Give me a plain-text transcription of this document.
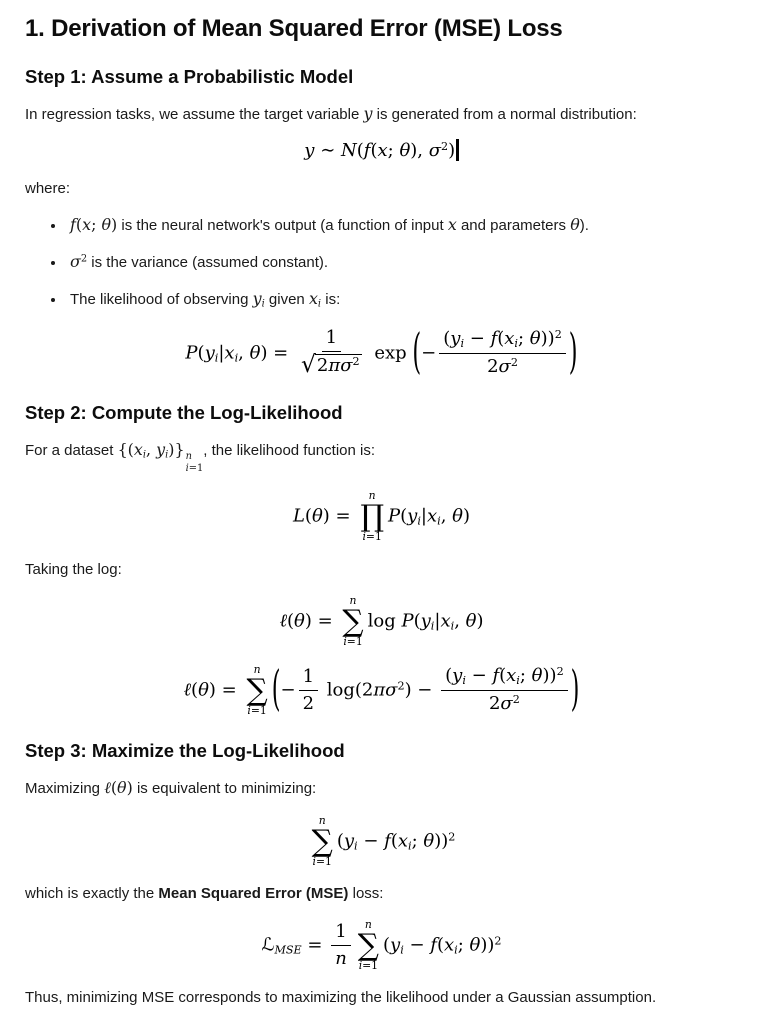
1. Derivation of Mean Squared Error (MSE) Loss
Step 1: Assume a Probabilistic Model

In regression tasks, we assume the target variable y is generated from a normal distribution:

y ∼ N(f(x; θ), $\sigma^2$)

where:

• f(x; θ) is the neural network's output (a function of input x and parameters θ).
• $\sigma^2$ is the variance (assumed constant).
• The likelihood of observing yi given xi is:
P(yi|xi, $\theta) = \frac{1}{√ 2\pi\sigma^2}$ exp (− $\frac{(yi - f(xi; \theta))^2}{2\sigma^2}$ )
Step 2: Compute the Log-Likelihood

For a dataset {(xi, yi)} n
i=1
, the likelihood function is:

L(θ) =
n
∏
i=1
P(yi|xi, θ)

Taking the log:

ℓ(θ) =
n
∑
i=1
log P(yi|xi, θ)
ℓ(θ) =
n
∑
i=1 (− $\frac{1}{2} \log(2\pi\sigma^2) - \frac{(yi - f(xi; \theta))^2}{2\sigma^2}$ )
Step 3: Maximize the Log-Likelihood

Maximizing ℓ(θ) is equivalent to minimizing:

n
∑
i=1
(yi − f(xi; θ))$^2$

which is exactly the Mean Squared Error (MSE) loss:

ℒMSE = $\frac{1}{n}$ n
∑
i=1
(yi − f(xi; θ))$^2$

Thus, minimizing MSE corresponds to maximizing the likelihood under a Gaussian assumption.
